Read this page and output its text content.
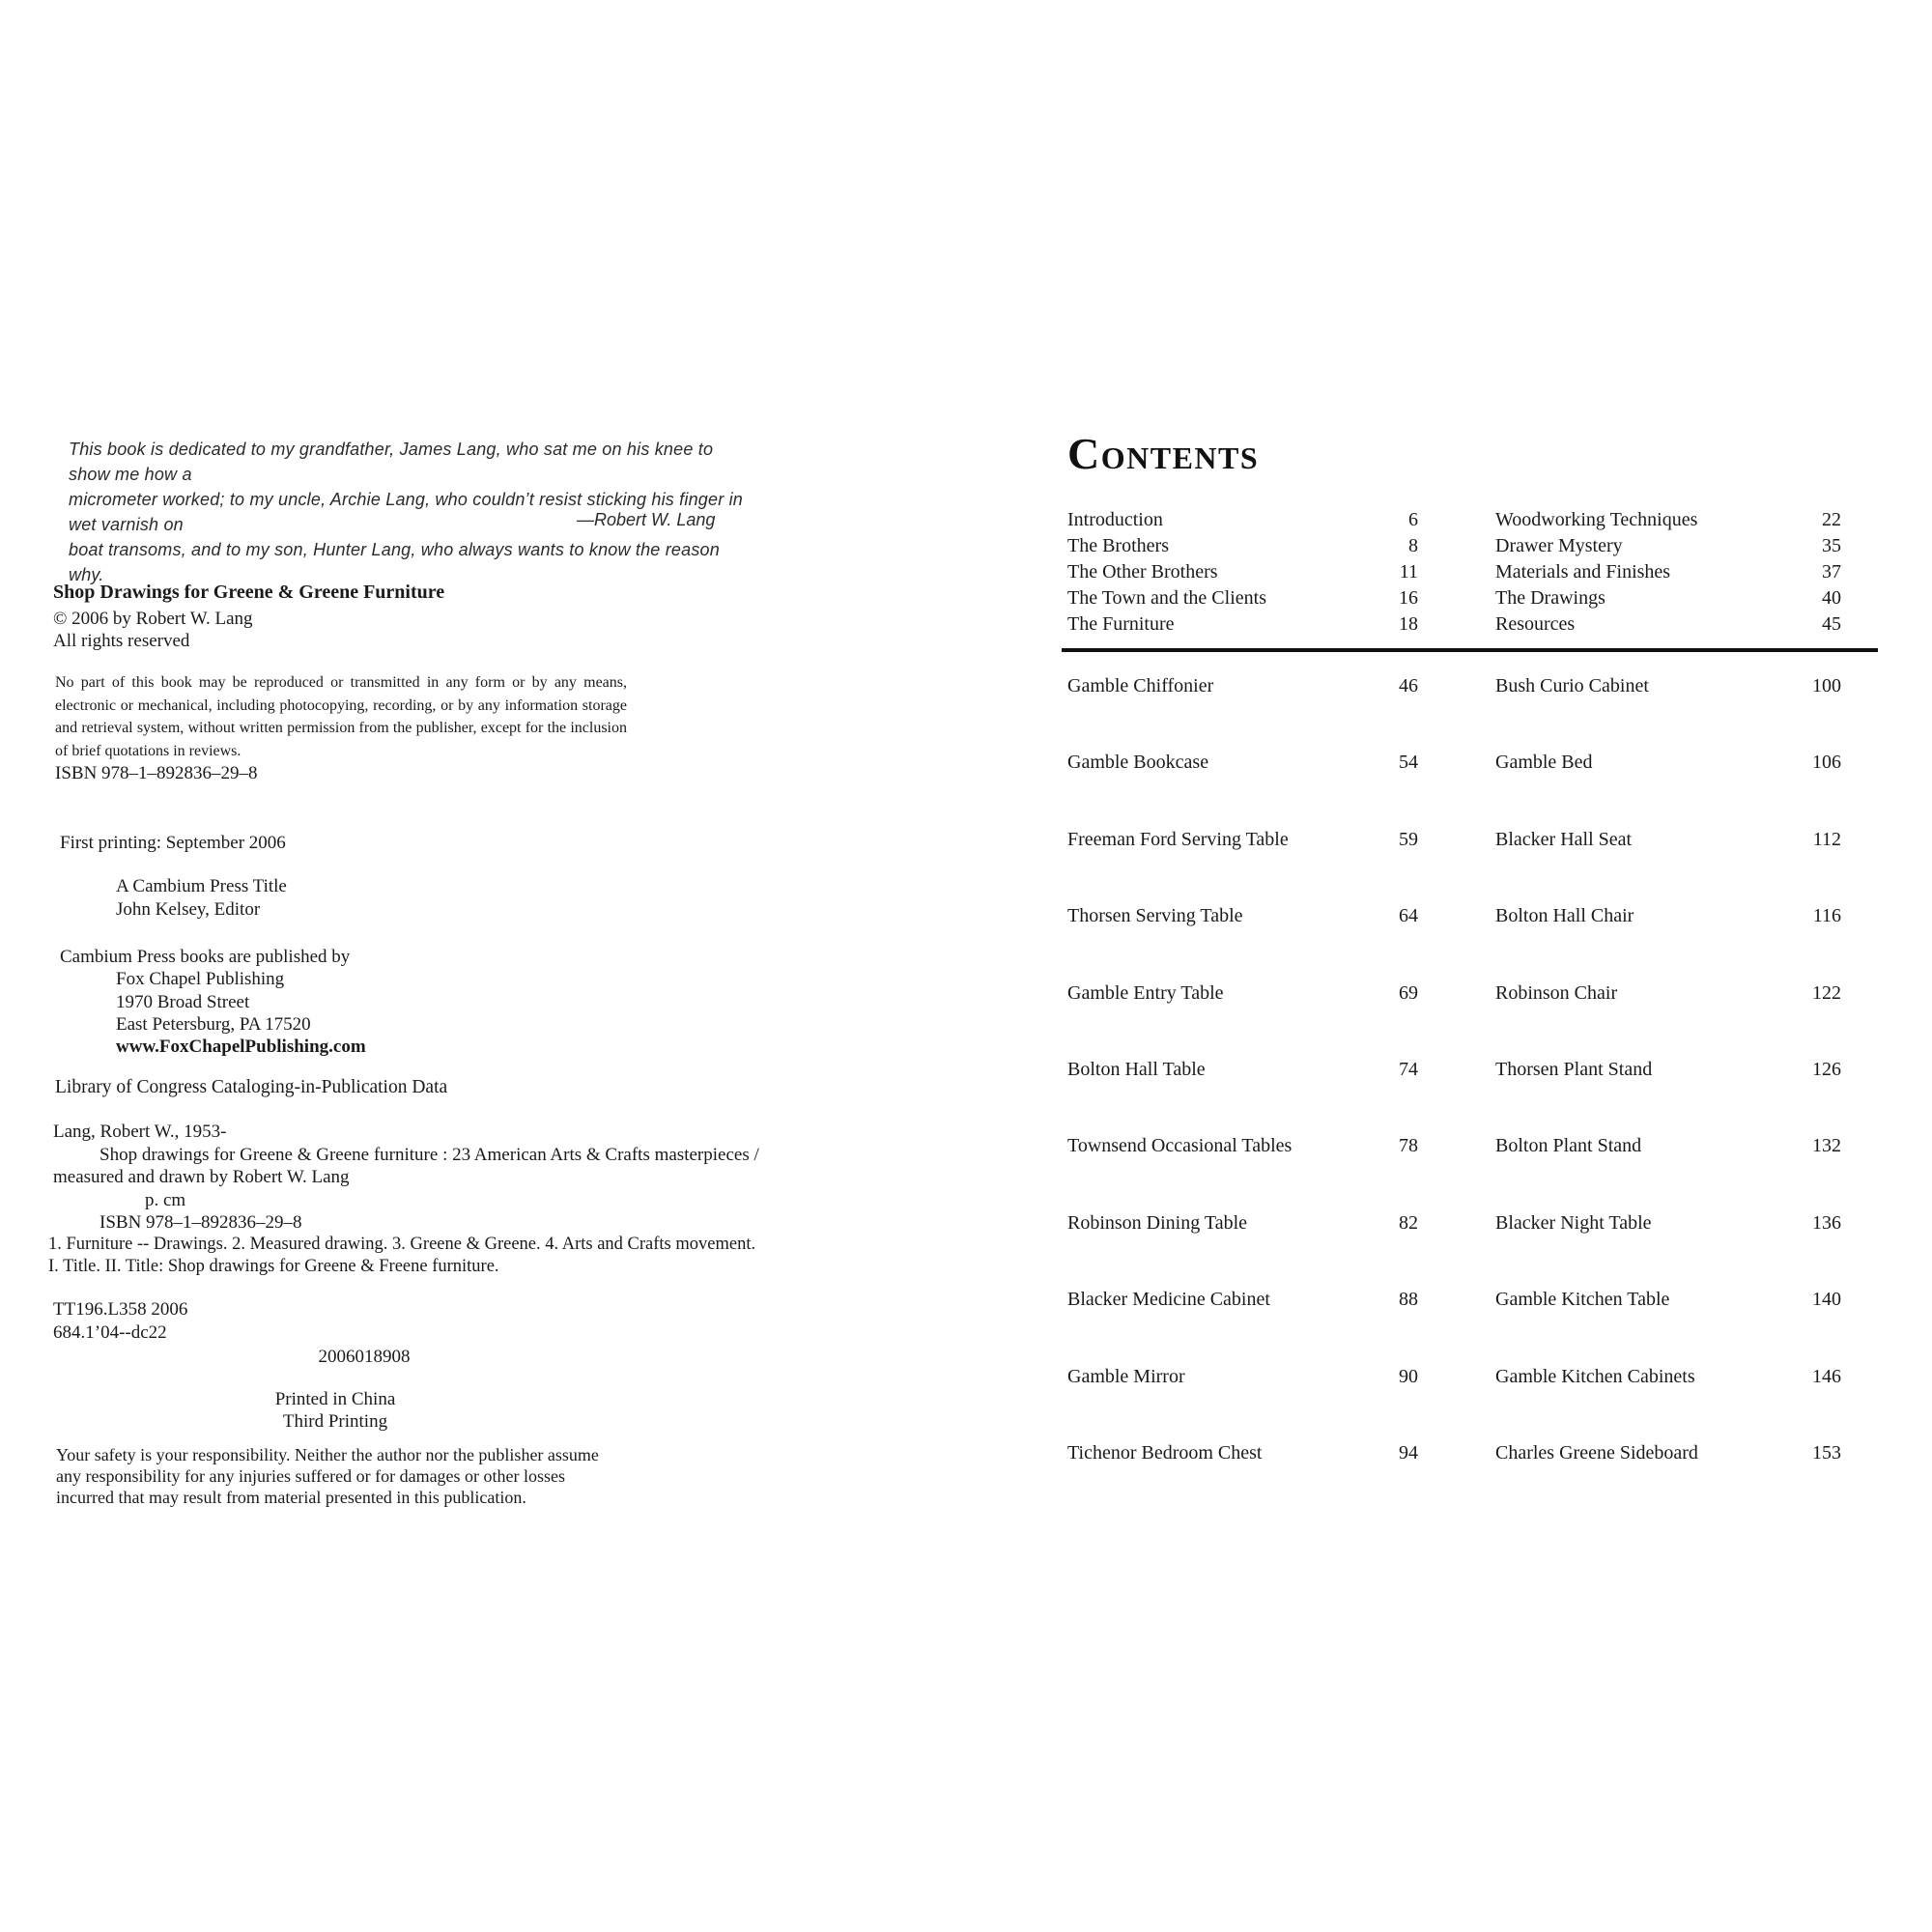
This book is dedicated to my grandfather, James Lang, who sat me on his knee to show me how a
micrometer worked; to my uncle, Archie Lang, who couldn’t resist sticking his finger in wet varnish on
boat transoms, and to my son, Hunter Lang, who always wants to know the reason why.
—Robert W. Lang
Shop Drawings for Greene & Greene Furniture
© 2006 by Robert W. Lang
All rights reserved
No part of this book may be reproduced or transmitted in any form or by any means, electronic or mechanical, including photocopying, recording, or by any information storage and retrieval system, without written permission from the publisher, except for the inclusion of brief quotations in reviews.
ISBN 978–1–892836–29–8
First printing: September 2006
A Cambium Press Title
John Kelsey, Editor
Cambium Press books are published by
Fox Chapel Publishing
1970 Broad Street
East Petersburg, PA 17520
www.FoxChapelPublishing.com
Library of Congress Cataloging-in-Publication Data
Lang, Robert W., 1953-
Shop drawings for Greene & Greene furniture : 23 American Arts & Crafts masterpieces /
measured and drawn by Robert W. Lang
p. cm
ISBN 978–1–892836–29–8
1. Furniture -- Drawings. 2. Measured drawing. 3. Greene & Greene. 4. Arts and Crafts movement.
I. Title. II. Title: Shop drawings for Greene & Freene furniture.
TT196.L358 2006
684.1’04--dc22
2006018908
Printed in China
Third Printing
Your safety is your responsibility. Neither the author nor the publisher assume any responsibility for any injuries suffered or for damages or other losses incurred that may result from material presented in this publication.
Contents
Introduction	6
The Brothers	8
The Other Brothers	11
The Town and the Clients	16
The Furniture	18
Woodworking Techniques	22
Drawer Mystery	35
Materials and Finishes	37
The Drawings	40
Resources	45
Gamble Chiffonier	46
Gamble Bookcase	54
Freeman Ford Serving Table	59
Thorsen Serving Table	64
Gamble Entry Table	69
Bolton Hall Table	74
Townsend Occasional Tables	78
Robinson Dining Table	82
Blacker Medicine Cabinet	88
Gamble Mirror	90
Tichenor Bedroom Chest	94
Bush Curio Cabinet	100
Gamble Bed	106
Blacker Hall Seat	112
Bolton Hall Chair	116
Robinson Chair	122
Thorsen Plant Stand	126
Bolton Plant Stand	132
Blacker Night Table	136
Gamble Kitchen Table	140
Gamble Kitchen Cabinets	146
Charles Greene Sideboard	153
